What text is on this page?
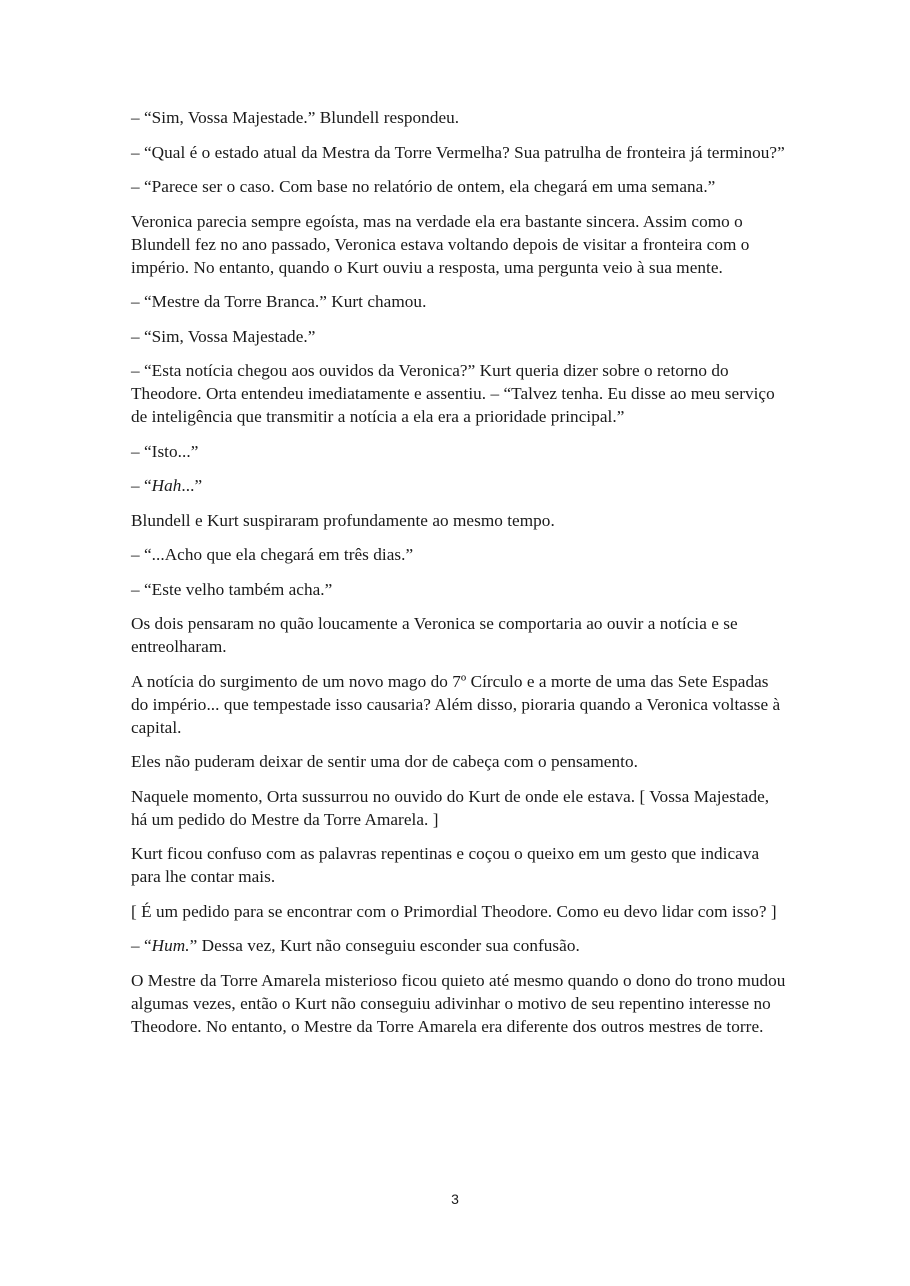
– “Sim, Vossa Majestade.” Blundell respondeu.

– “Qual é o estado atual da Mestra da Torre Vermelha? Sua patrulha de fronteira já terminou?”

– “Parece ser o caso. Com base no relatório de ontem, ela chegará em uma semana.”

Veronica parecia sempre egoísta, mas na verdade ela era bastante sincera. Assim como o Blundell fez no ano passado, Veronica estava voltando depois de visitar a fronteira com o império. No entanto, quando o Kurt ouviu a resposta, uma pergunta veio à sua mente.

– “Mestre da Torre Branca.” Kurt chamou.

– “Sim, Vossa Majestade.”

– “Esta notícia chegou aos ouvidos da Veronica?” Kurt queria dizer sobre o retorno do Theodore. Orta entendeu imediatamente e assentiu. – “Talvez tenha. Eu disse ao meu serviço de inteligência que transmitir a notícia a ela era a prioridade principal.”

– “Isto...”

– “Hah...”

Blundell e Kurt suspiraram profundamente ao mesmo tempo.

– “...Acho que ela chegará em três dias.”

– “Este velho também acha.”

Os dois pensaram no quão loucamente a Veronica se comportaria ao ouvir a notícia e se entreolharam.

A notícia do surgimento de um novo mago do 7º Círculo e a morte de uma das Sete Espadas do império... que tempestade isso causaria? Além disso, pioraria quando a Veronica voltasse à capital.

Eles não puderam deixar de sentir uma dor de cabeça com o pensamento.

Naquele momento, Orta sussurrou no ouvido do Kurt de onde ele estava. [ Vossa Majestade, há um pedido do Mestre da Torre Amarela. ]

Kurt ficou confuso com as palavras repentinas e coçou o queixo em um gesto que indicava para lhe contar mais.

[ É um pedido para se encontrar com o Primordial Theodore. Como eu devo lidar com isso? ]

– “Hum.” Dessa vez, Kurt não conseguiu esconder sua confusão.

O Mestre da Torre Amarela misterioso ficou quieto até mesmo quando o dono do trono mudou algumas vezes, então o Kurt não conseguiu adivinhar o motivo de seu repentino interesse no Theodore. No entanto, o Mestre da Torre Amarela era diferente dos outros mestres de torre.

3
